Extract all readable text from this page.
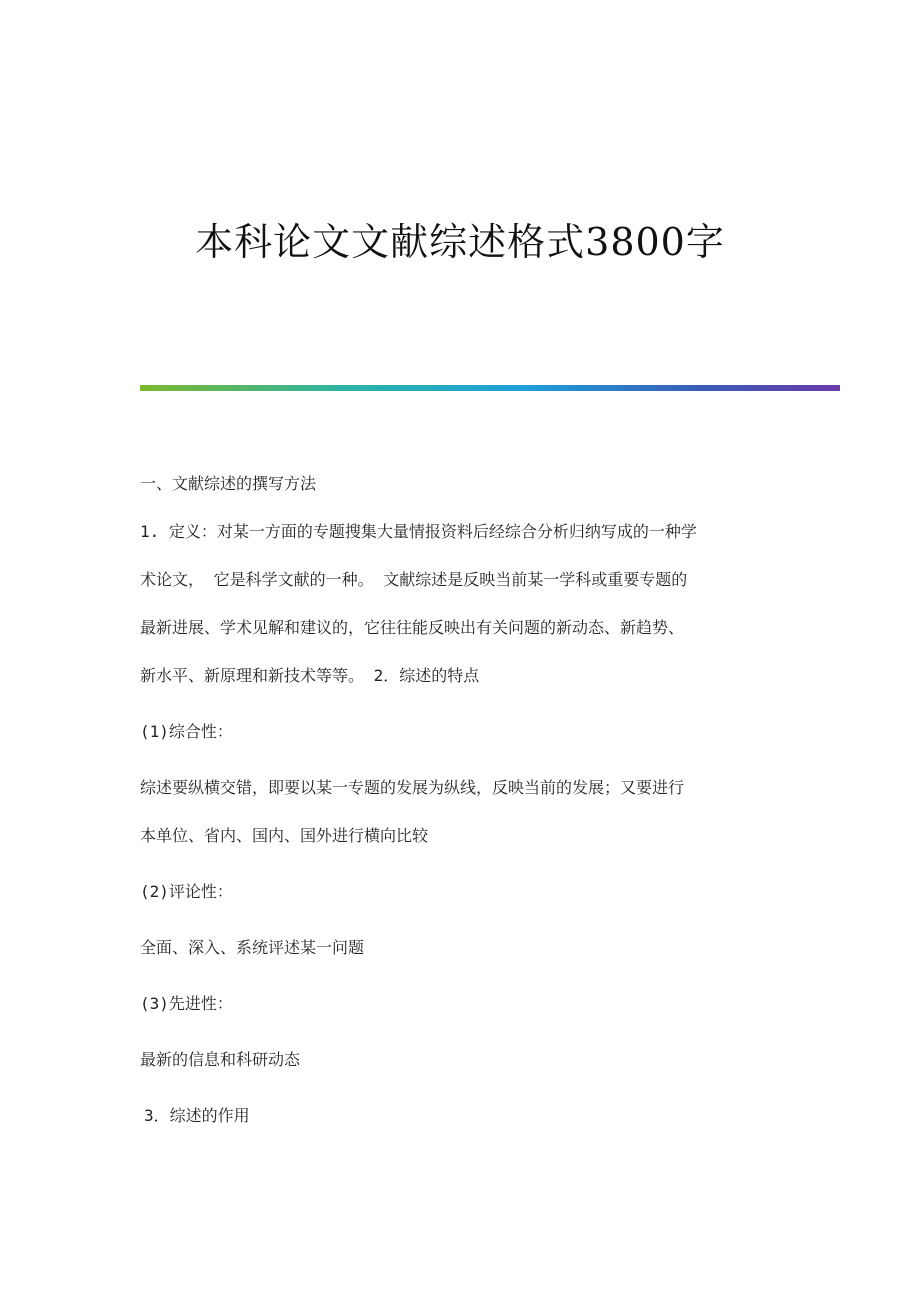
本科论文文献综述格式3800字
一、文献综述的撰写方法
1. 定义：对某一方面的专题搜集大量情报资料后经综合分析归纳写成的一种学
术论文， 它是科学文献的一种。 文献综述是反映当前某一学科或重要专题的
最新进展、学术见解和建议的，它往往能反映出有关问题的新动态、新趋势、
新水平、新原理和新技术等等。 2．综述的特点
(1)综合性：
综述要纵横交错，即要以某一专题的发展为纵线，反映当前的发展；又要进行
本单位、省内、国内、国外进行横向比较
(2)评论性：
全面、深入、系统评述某一问题
(3)先进性：
最新的信息和科研动态
3．综述的作用
